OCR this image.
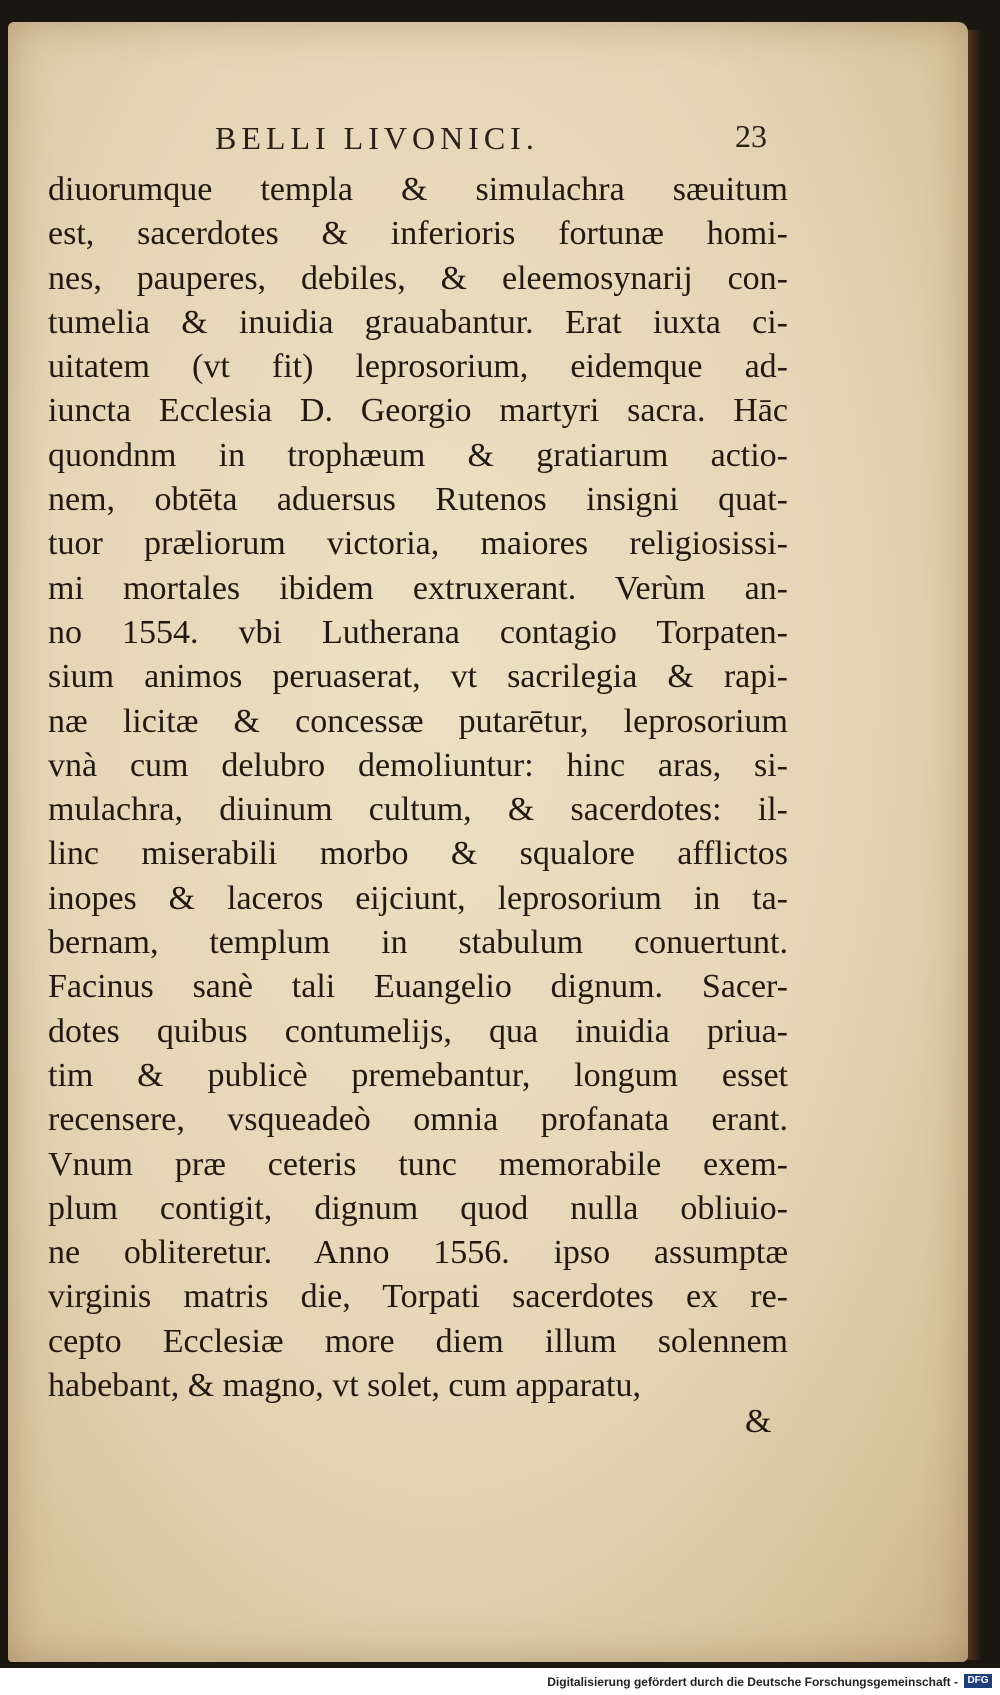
BELLI LIVONICI.	23
diuorumque templa & simulachra sæuitum
est, sacerdotes & inferioris fortunæ homi-
nes, pauperes, debiles, & eleemosynarij con-
tumelia & inuidia grauabantur. Erat iuxta ci-
uitatem (vt fit) leprosorium, eidemque ad-
iuncta Ecclesia D. Georgio martyri sacra. Hāc
quondnm in trophæum & gratiarum actio-
nem, obtēta aduersus Rutenos insigni quat-
tuor præliorum victoria, maiores religiosissi-
mi mortales ibidem extruxerant. Verùm an-
no 1554. vbi Lutherana contagio Torpaten-
sium animos peruaserat, vt sacrilegia & rapi-
næ licitæ & concessæ putarētur, leprosorium
vnà cum delubro demoliuntur: hinc aras, si-
mulachra, diuinum cultum, & sacerdotes: il-
linc miserabili morbo & squalore afflictos
inopes & laceros eijciunt, leprosorium in ta-
bernam, templum in stabulum conuertunt.
Facinus sanè tali Euangelio dignum. Sacer-
dotes quibus contumelijs, qua inuidia priua-
tim & publicè premebantur, longum esset
recensere, vsqueadeò omnia profanata erant.
Vnum præ ceteris tunc memorabile exem-
plum contigit, dignum quod nulla obliuio-
ne obliteretur. Anno 1556. ipso assumptæ
virginis matris die, Torpati sacerdotes ex re-
cepto Ecclesiæ more diem illum solennem
habebant, & magno, vt solet, cum apparatu,
&
Digitalisierung gefördert durch die Deutsche Forschungsgemeinschaft - DFG
